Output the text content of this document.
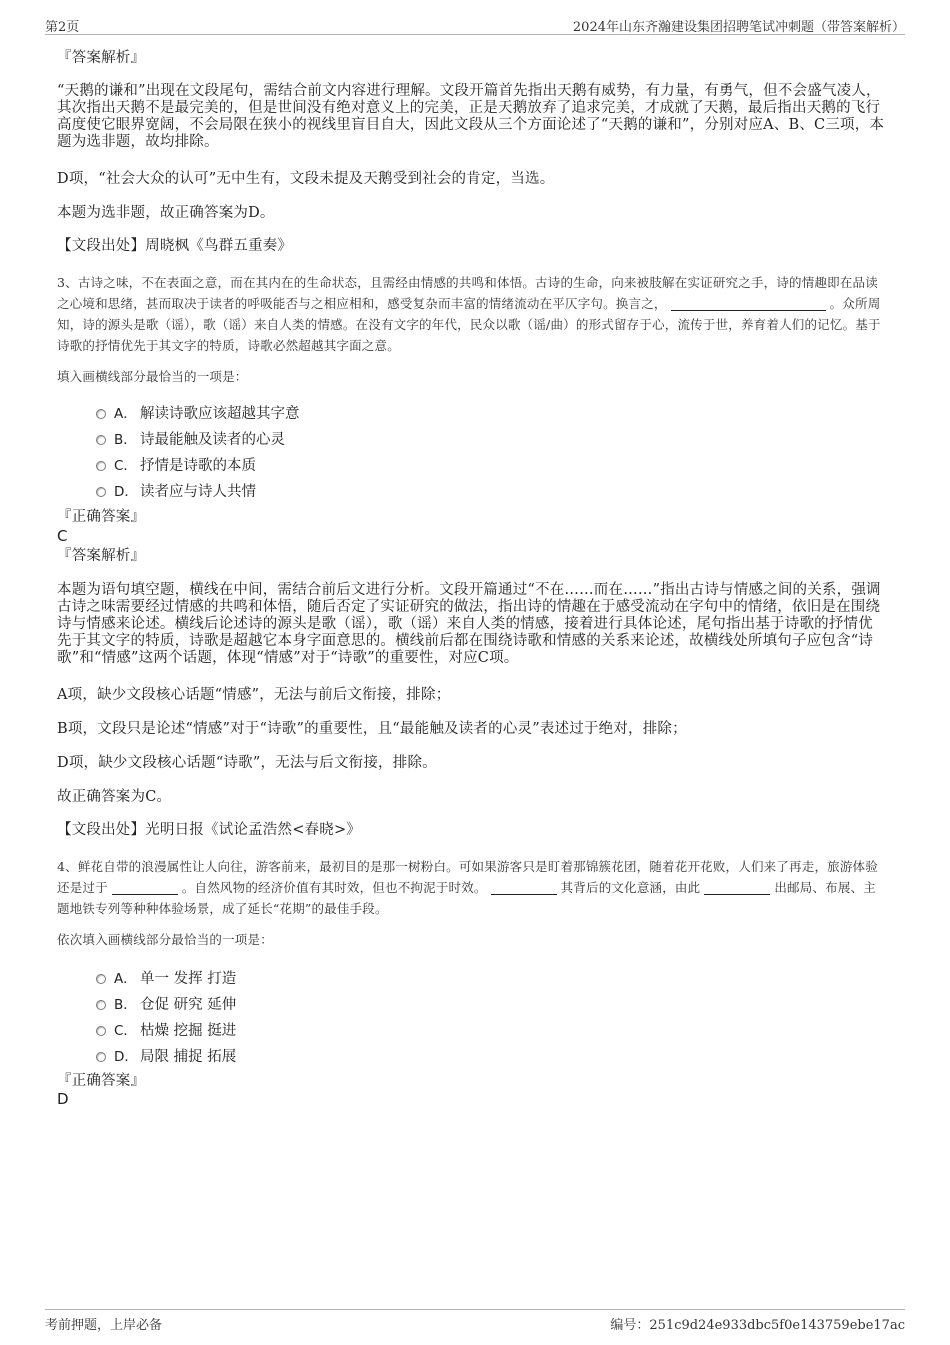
第2页	2024年山东齐瀚建设集团招聘笔试冲刺题（带答案解析）
『答案解析』
“天鹅的谦和”出现在文段尾句，需结合前文内容进行理解。文段开篇首先指出天鹅有威势，有力量，有勇气，但不会盛气凌人，其次指出天鹅不是最完美的，但是世间没有绝对意义上的完美，正是天鹅放弃了追求完美，才成就了天鹅，最后指出天鹅的飞行高度使它眼界宽阔，不会局限在狭小的视线里盲目自大，因此文段从三个方面论述了“天鹅的谦和”，分别对应A、B、C三项，本题为选非题，故均排除。
D项，“社会大众的认可”无中生有，文段未提及天鹅受到社会的肯定，当选。
本题为选非题，故正确答案为D。
【文段出处】周晓枫《鸟群五重奏》
3、古诗之味，不在表面之意，而在其内在的生命状态，且需经由情感的共鸣和体悟。古诗的生命，向来被肢解在实证研究之手，诗的情趣即在品读之心境和思绪，甚而取决于读者的呼吸能否与之相应相和，感受复杂而丰富的情绪流动在平仄字句。换言之，	。众所周知，诗的源头是歌（谣），歌（谣）来自人类的情感。在没有文字的年代，民众以歌（谣/曲）的形式留存于心，流传于世，养育着人们的记忆。基于诗歌的抒情优先于其文字的特质，诗歌必然超越其字面之意。
填入画横线部分最恰当的一项是：
A． 解读诗歌应该超越其字意
B． 诗最能触及读者的心灵
C． 抒情是诗歌的本质
D． 读者应与诗人共情
『正确答案』
C
『答案解析』
本题为语句填空题，横线在中间，需结合前后文进行分析。文段开篇通过“不在……而在……”指出古诗与情感之间的关系，强调古诗之味需要经过情感的共鸣和体悟，随后否定了实证研究的做法，指出诗的情趣在于感受流动在字句中的情绪，依旧是在围绕诗与情感来论述。横线后论述诗的源头是歌（谣），歌（谣）来自人类的情感，接着进行具体论述，尾句指出基于诗歌的抒情优先于其文字的特质，诗歌是超越它本身字面意思的。横线前后都在围绕诗歌和情感的关系来论述，故横线处所填句子应包含“诗歌”和“情感”这两个话题，体现“情感”对于“诗歌”的重要性，对应C项。
A项，缺少文段核心话题“情感”，无法与前后文衔接，排除；
B项，文段只是论述“情感”对于“诗歌”的重要性，且“最能触及读者的心灵”表述过于绝对，排除；
D项，缺少文段核心话题“诗歌”，无法与后文衔接，排除。
故正确答案为C。
【文段出处】光明日报《试论孟浩然<春晓>》
4、鲜花自带的浪漫属性让人向往，游客前来，最初目的是那一树粉白。可如果游客只是盯着那锦簇花团，随着花开花败，人们来了再走，旅游体验还是过于	。自然风物的经济价值有其时效，但也不拘泥于时效。	其背后的文化意涵，由此	出邮局、布展、主题地铁专列等种种体验场景，成了延长“花期”的最佳手段。
依次填入画横线部分最恰当的一项是：
A． 单一 发挥 打造
B． 仓促 研究 延伸
C． 枯燥 挖掘 挺进
D． 局限 捕捉 拓展
『正确答案』
D
考前押题，上岸必备	编号：251c9d24e933dbc5f0e143759ebe17ac
